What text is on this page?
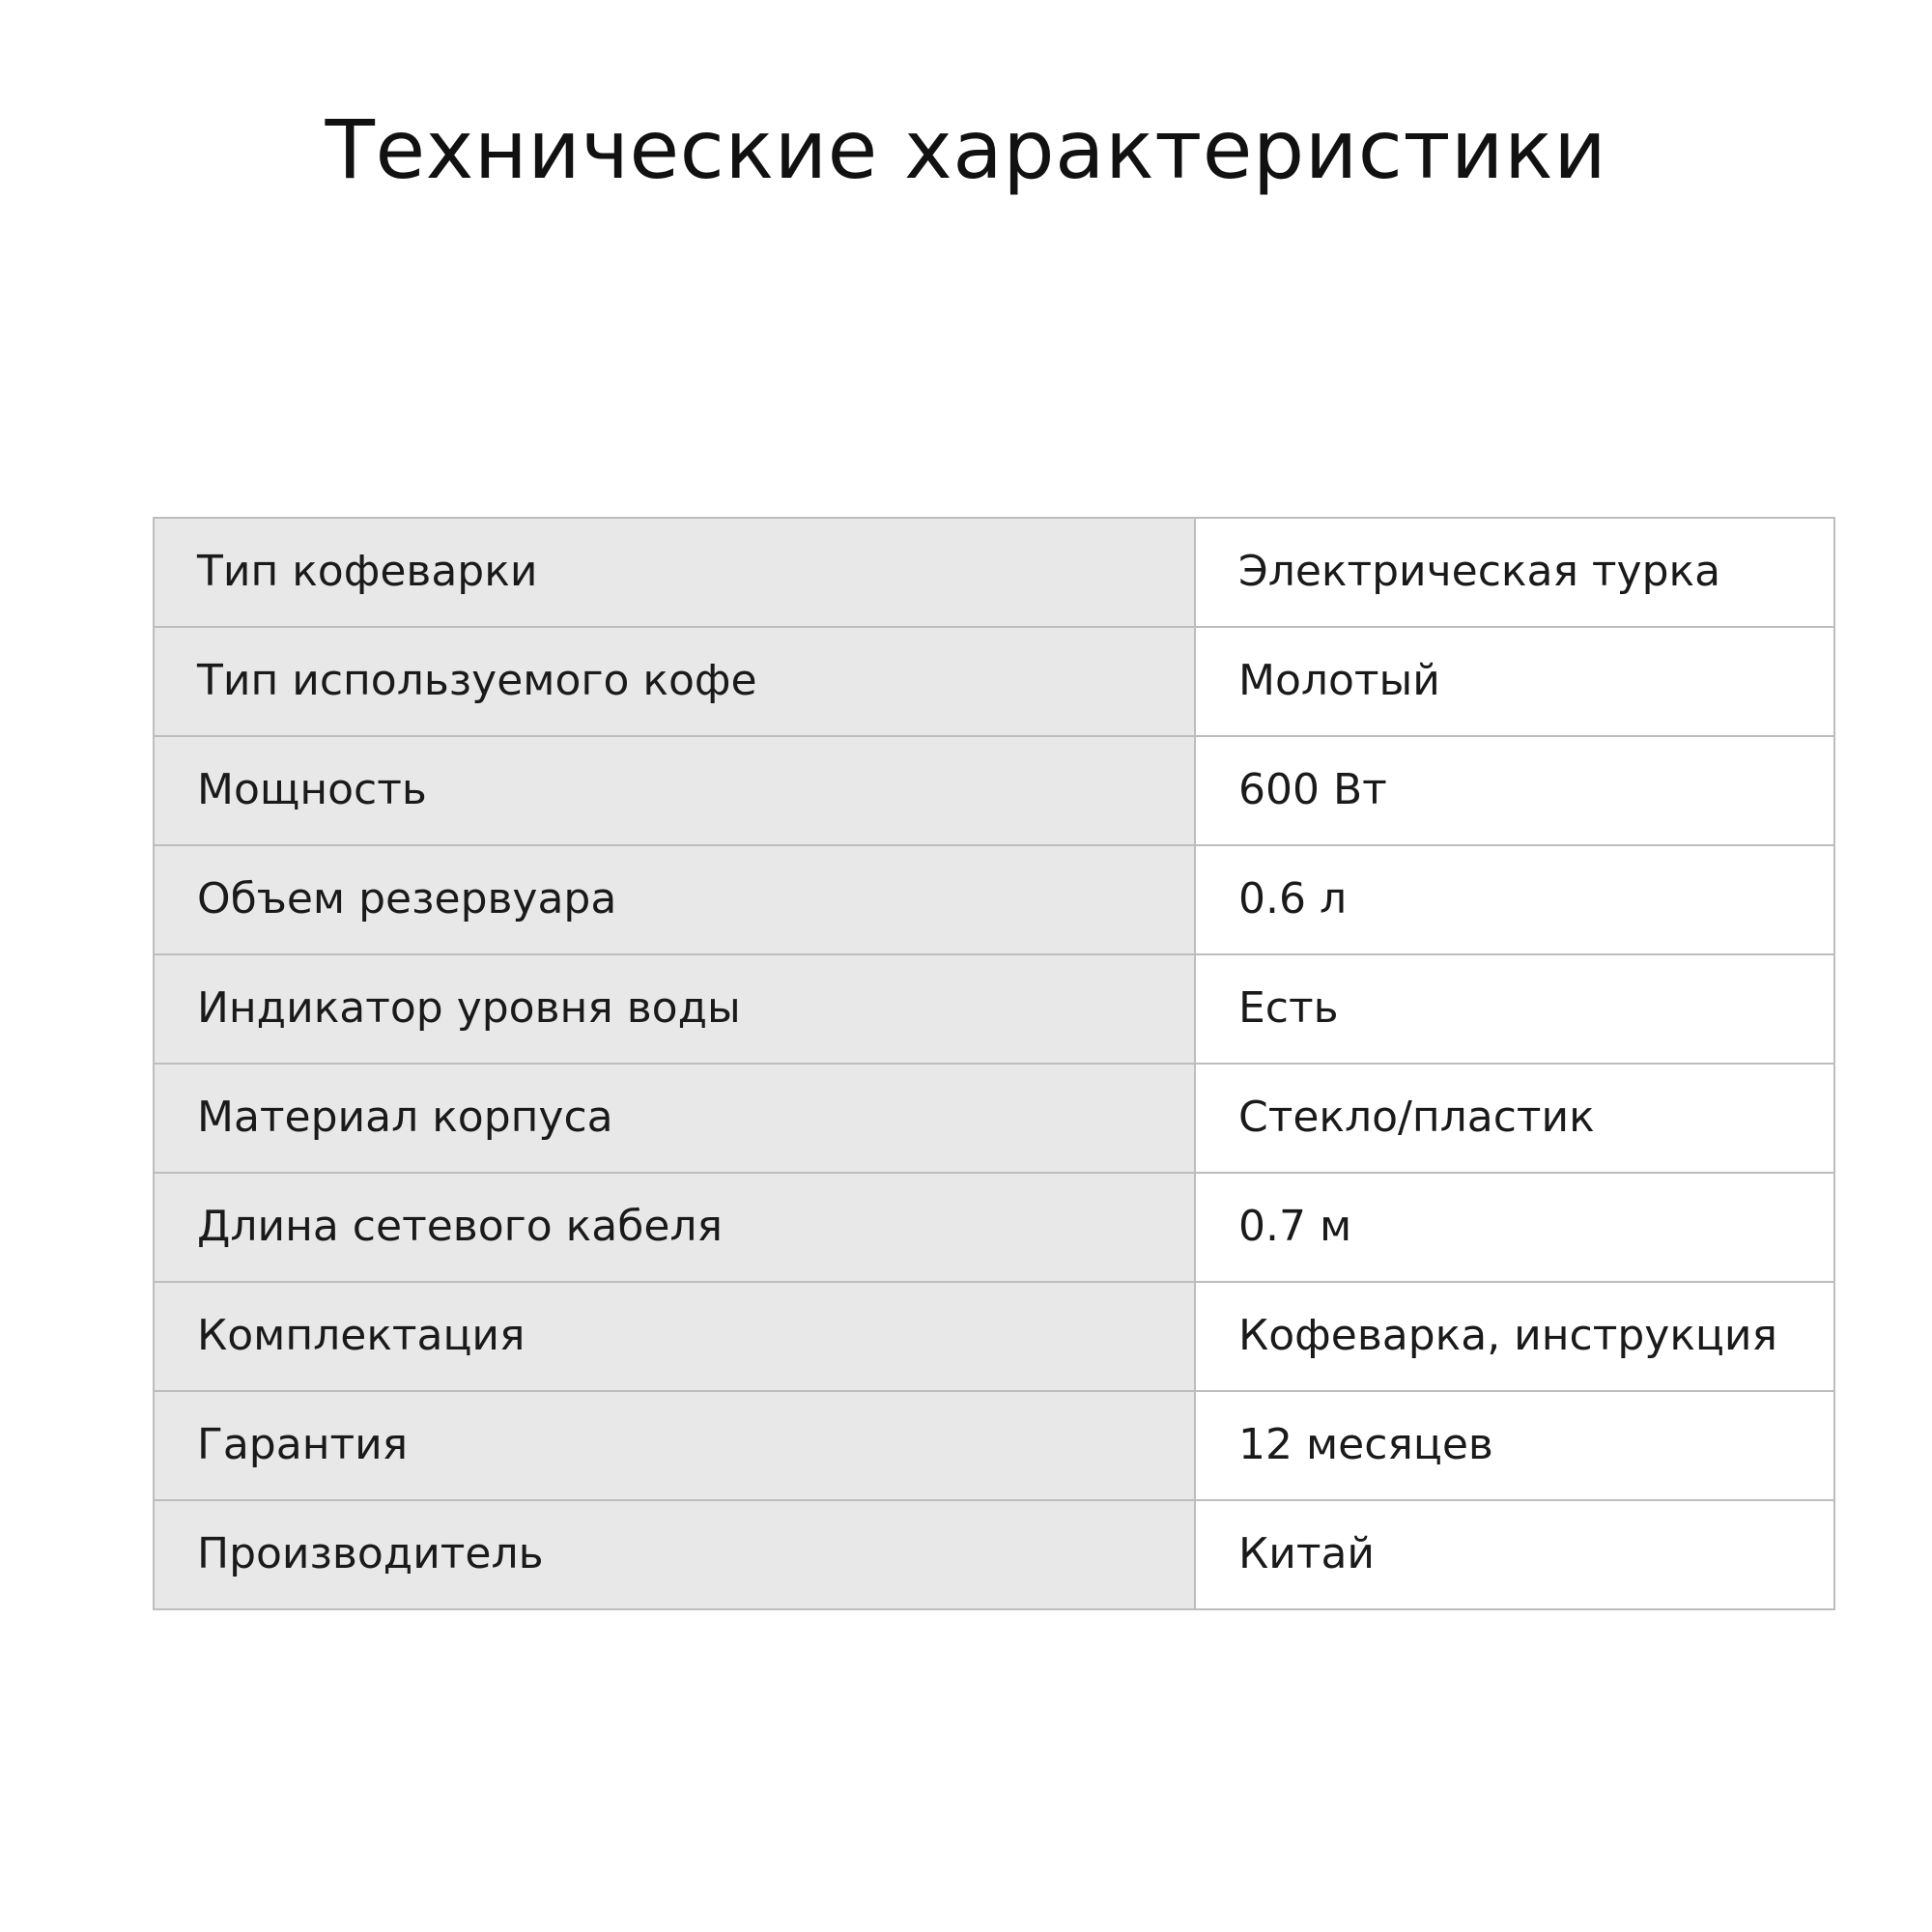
Технические характеристики
Тип кофеварки	Электрическая турка
Тип используемого кофе	Молотый
Мощность	600 Вт
Объем резервуара	0.6 л
Индикатор уровня воды	Есть
Материал корпуса	Стекло/пластик
Длина сетевого кабеля	0.7 м
Комплектация	Кофеварка, инструкция
Гарантия	12 месяцев
Производитель	Китай
